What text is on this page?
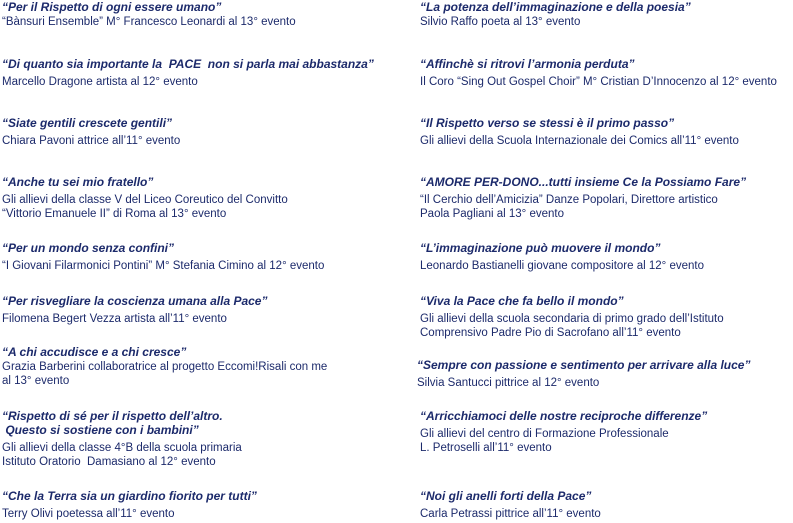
“Per il Rispetto di ogni essere umano”
“Bànsuri Ensemble” M° Francesco Leonardi al 13° evento
“Di quanto sia importante la  PACE  non si parla mai abbastanza”
Marcello Dragone artista al 12° evento
“Siate gentili crescete gentili”
Chiara Pavoni attrice all’11° evento
“Anche tu sei mio fratello”
Gli allievi della classe V del Liceo Coreutico del Convitto
“Vittorio Emanuele II” di Roma al 13° evento
“Per un mondo senza confini”
“I Giovani Filarmonici Pontini” M° Stefania Cimino al 12° evento
“Per risvegliare la coscienza umana alla Pace”
Filomena Begert Vezza artista all’11° evento
“A chi accudisce e a chi cresce”
Grazia Barberini collaboratrice al progetto Eccomi!Risali con me
al 13° evento
“Rispetto di sé per il rispetto dell’altro.
Questo si sostiene con i bambini”
Gli allievi della classe 4°B della scuola primaria
Istituto Oratorio  Damasiano al 12° evento
“Che la Terra sia un giardino fiorito per tutti”
Terry Olivi poetessa all’11° evento
“La potenza dell’immaginazione e della poesia”
Silvio Raffo poeta al 13° evento
“Affinchè si ritrovi l’armonia perduta”
Il Coro “Sing Out Gospel Choir” M° Cristian D’Innocenzo al 12° evento
“Il Rispetto verso se stessi è il primo passo”
Gli allievi della Scuola Internazionale dei Comics all’11° evento
“AMORE PER-DONO...tutti insieme Ce la Possiamo Fare”
“Il Cerchio dell’Amicizia” Danze Popolari, Direttore artistico
Paola Pagliani al 13° evento
“L’immaginazione può muovere il mondo”
Leonardo Bastianelli giovane compositore al 12° evento
“Viva la Pace che fa bello il mondo”
Gli allievi della scuola secondaria di primo grado dell’Istituto
Comprensivo Padre Pio di Sacrofano all’11° evento
“Sempre con passione e sentimento per arrivare alla luce”
Silvia Santucci pittrice al 12° evento
“Arricchiamoci delle nostre reciproche differenze”
Gli allievi del centro di Formazione Professionale
L. Petroselli all’11° evento
“Noi gli anelli forti della Pace”
Carla Petrassi pittrice all’11° evento
